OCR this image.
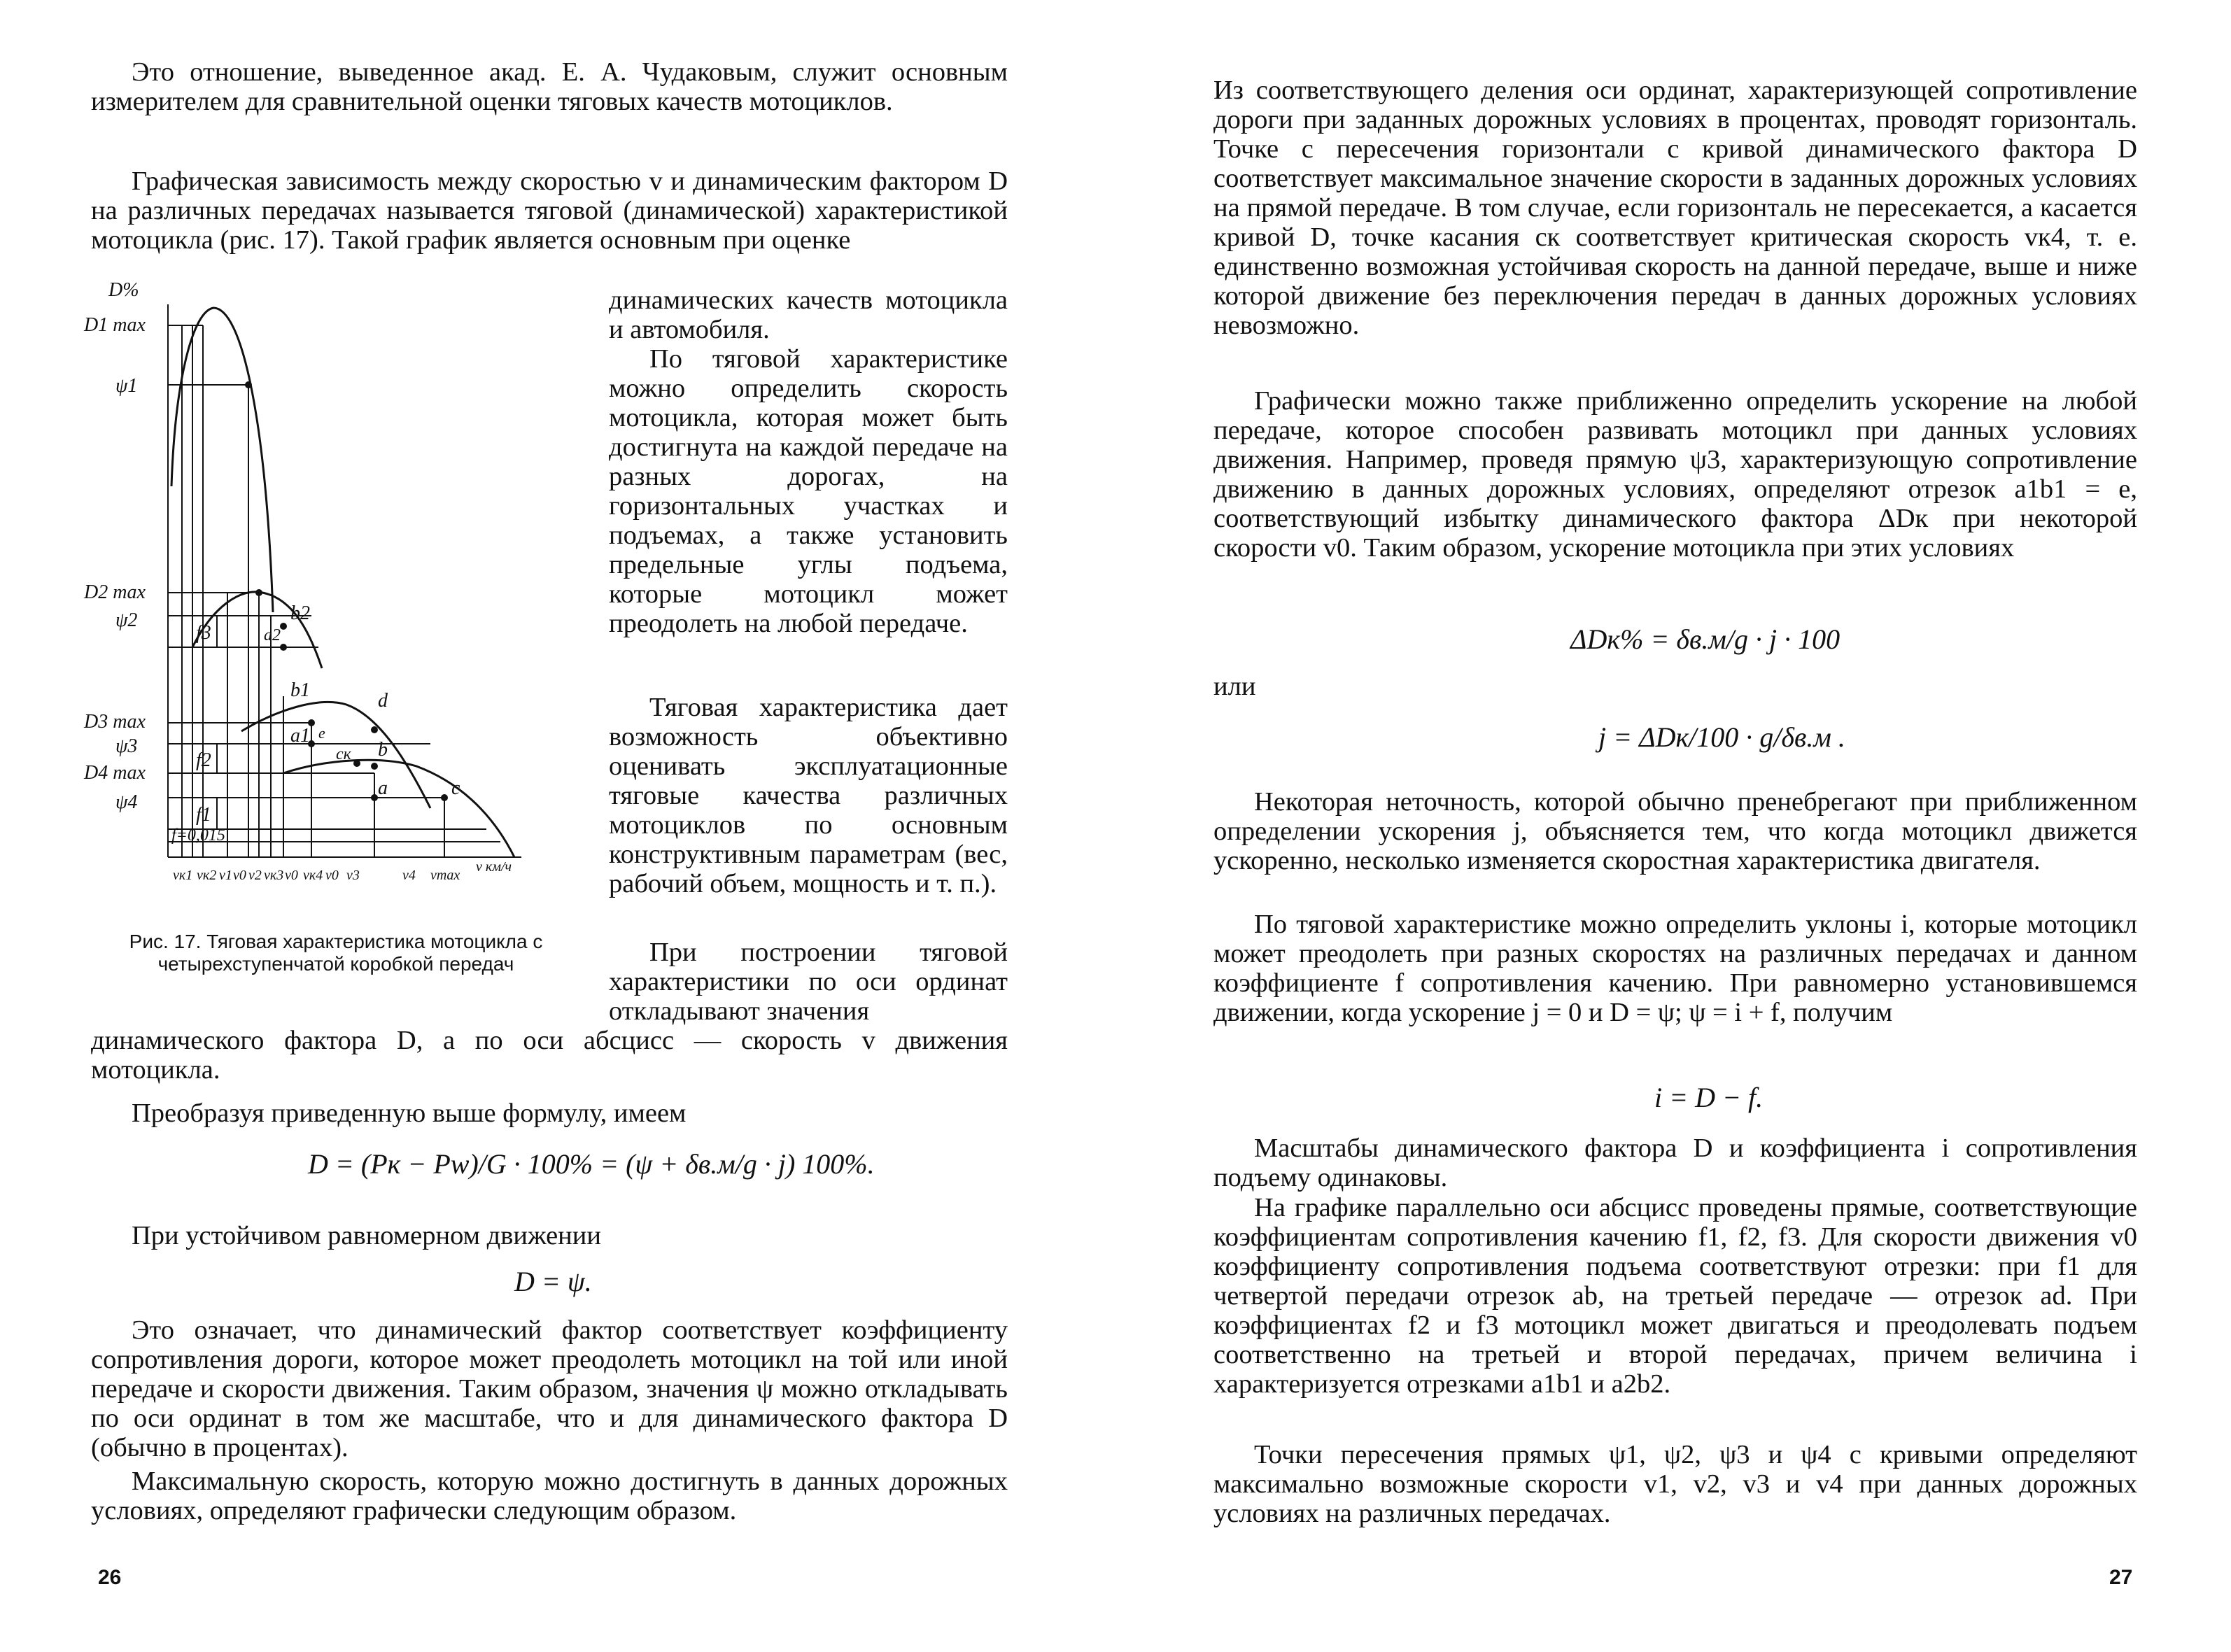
Это отношение, выведенное акад. Е. А. Чудаковым, служит основным измерителем для сравнительной оценки тяговых качеств мотоциклов.

Графическая зависимость между скоростью v и динамическим фактором D на различных передачах называется тяговой (динамической) характеристикой мотоцикла (рис. 17). Такой график является основным при оценке

динамических качеств мотоцикла и автомобиля.

По тяговой характеристике можно определить скорость мотоцикла, которая может быть достигнута на каждой передаче на разных дорогах, на горизонтальных участках и подъемах, а также установить предельные углы подъема, которые мотоцикл может преодолеть на любой передаче.

Тяговая характеристика дает возможность объективно оценивать эксплуатационные тяговые качества различных мотоциклов по основным конструктивным параметрам (вес, рабочий объем, мощность и т. п.).

При построении тяговой характеристики по оси ординат откладывают значения

динамического фактора D, а по оси абсцисс — скорость v движения мотоцикла.

Преобразуя приведенную выше формулу, имеем

D = (Pк − Pw)/G · 100% = (ψ + δв.м/g · j) 100%.

При устойчивом равномерном движении

D = ψ.

Это означает, что динамический фактор соответствует коэффициенту сопротивления дороги, которое может преодолеть мотоцикл на той или иной передаче и скорости движения. Таким образом, значения ψ можно откладывать по оси ординат в том же масштабе, что и для динамического фактора D (обычно в процентах).

Максимальную скорость, которую можно достигнуть в данных дорожных условиях, определяют графически следующим образом.

Рис. 17. Тяговая характеристика мотоцикла с четырехступенчатой коробкой передач
26
D%
D1 max
ψ1
D2 max
ψ2
D3 max
ψ3
D4 max
ψ4
f3
f2
f1
f=0,015
b2
a2
b1
a1 e
d
b
cк
a	c
vк1 vк2 v1 v0 v2 vк3 v0 vк4 v0 v3	v4 vmax
v км/ч

Из соответствующего деления оси ординат, характеризующей сопротивление дороги при заданных дорожных условиях в процентах, проводят горизонталь. Точке c пересечения горизонтали с кривой динамического фактора D соответствует максимальное значение скорости в заданных дорожных условиях на прямой передаче. В том случае, если горизонталь не пересекается, а касается кривой D, точке касания cк соответствует критическая скорость vк4, т. е. единственно возможная устойчивая скорость на данной передаче, выше и ниже которой движение без переключения передач в данных дорожных условиях невозможно.

Графически можно также приближенно определить ускорение на любой передаче, которое способен развивать мотоцикл при данных условиях движения. Например, проведя прямую ψ3, характеризующую сопротивление движению в данных дорожных условиях, определяют отрезок a1b1 = e, соответствующий избытку динамического фактора ΔDк при некоторой скорости v0. Таким образом, ускорение мотоцикла при этих условиях

ΔDк% = δв.м/g · j · 100

или

j = ΔDк/100 · g/δв.м .

Некоторая неточность, которой обычно пренебрегают при приближенном определении ускорения j, объясняется тем, что когда мотоцикл движется ускоренно, несколько изменяется скоростная характеристика двигателя.

По тяговой характеристике можно определить уклоны i, которые мотоцикл может преодолеть при разных скоростях на различных передачах и данном коэффициенте f сопротивления качению. При равномерно установившемся движении, когда ускорение j = 0 и D = ψ; ψ = i + f, получим

i = D − f.

Масштабы динамического фактора D и коэффициента i сопротивления подъему одинаковы.

На графике параллельно оси абсцисс проведены прямые, соответствующие коэффициентам сопротивления качению f1, f2, f3. Для скорости движения v0 коэффициенту сопротивления подъема соответствуют отрезки: при f1 для четвертой передачи отрезок ab, на третьей передаче — отрезок ad. При коэффициентах f2 и f3 мотоцикл может двигаться и преодолевать подъем соответственно на третьей и второй передачах, причем величина i характеризуется отрезками a1b1 и a2b2.

Точки пересечения прямых ψ1, ψ2, ψ3 и ψ4 с кривыми определяют максимально возможные скорости v1, v2, v3 и v4 при данных дорожных условиях на различных передачах.

27
